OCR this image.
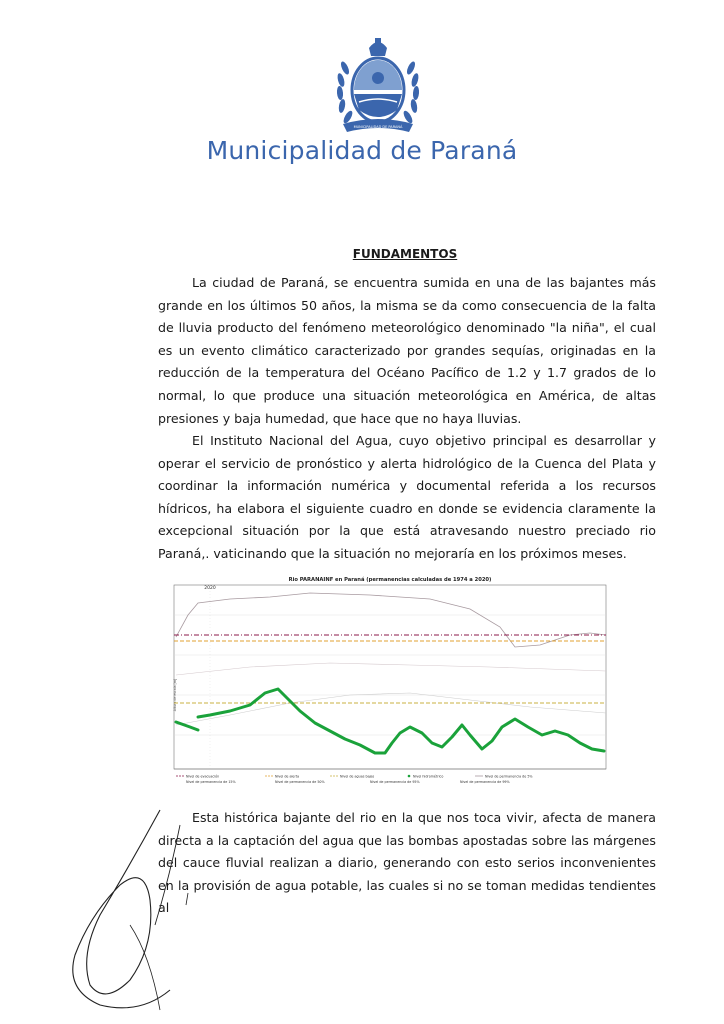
MUNICIPALIDAD DE PARANÁ
Municipalidad de Paraná
FUNDAMENTOS

La ciudad de Paraná, se encuentra sumida en una de las bajantes más grande en los últimos 50 años, la misma se da como consecuencia de la falta de lluvia producto del fenómeno meteorológico denominado "la niña", el cual es un evento climático caracterizado por grandes sequías, originadas en la reducción de la temperatura del Océano Pacífico de 1.2 y 1.7 grados de lo normal, lo que produce una situación meteorológica en América, de altas presiones y baja humedad, que hace que no haya lluvias.

El Instituto Nacional del Agua, cuyo objetivo principal es desarrollar y operar el servicio de pronóstico y alerta hidrológico de la Cuenca del Plata y coordinar la información numérica y documental referida a los recursos hídricos, ha elabora el siguiente cuadro en donde se evidencia claramente la excepcional situación por la que está atravesando nuestro preciado rio Paraná,. vaticinando que la situación no mejoraría en los próximos meses.

Rio PARANAINF en Paraná (permanencias calculadas de 1974 a 2020)
2020
Altura de escala [m]
Nivel de evacuación	Nivel de alerta	Nivel de aguas bajas	Nivel hidrométrico	Nivel de permanencia de 5%
Nivel de permanencia de 15%	Nivel de permanencia de 50%	Nivel de permanencia de 95%	Nivel de permanencia de 99%

Esta histórica bajante del rio en la que nos toca vivir, afecta de manera directa a la captación del agua que las bombas apostadas sobre las márgenes del cauce fluvial realizan a diario, generando con esto serios inconvenientes en la provisión de agua potable, las cuales si no se toman medidas tendientes al
